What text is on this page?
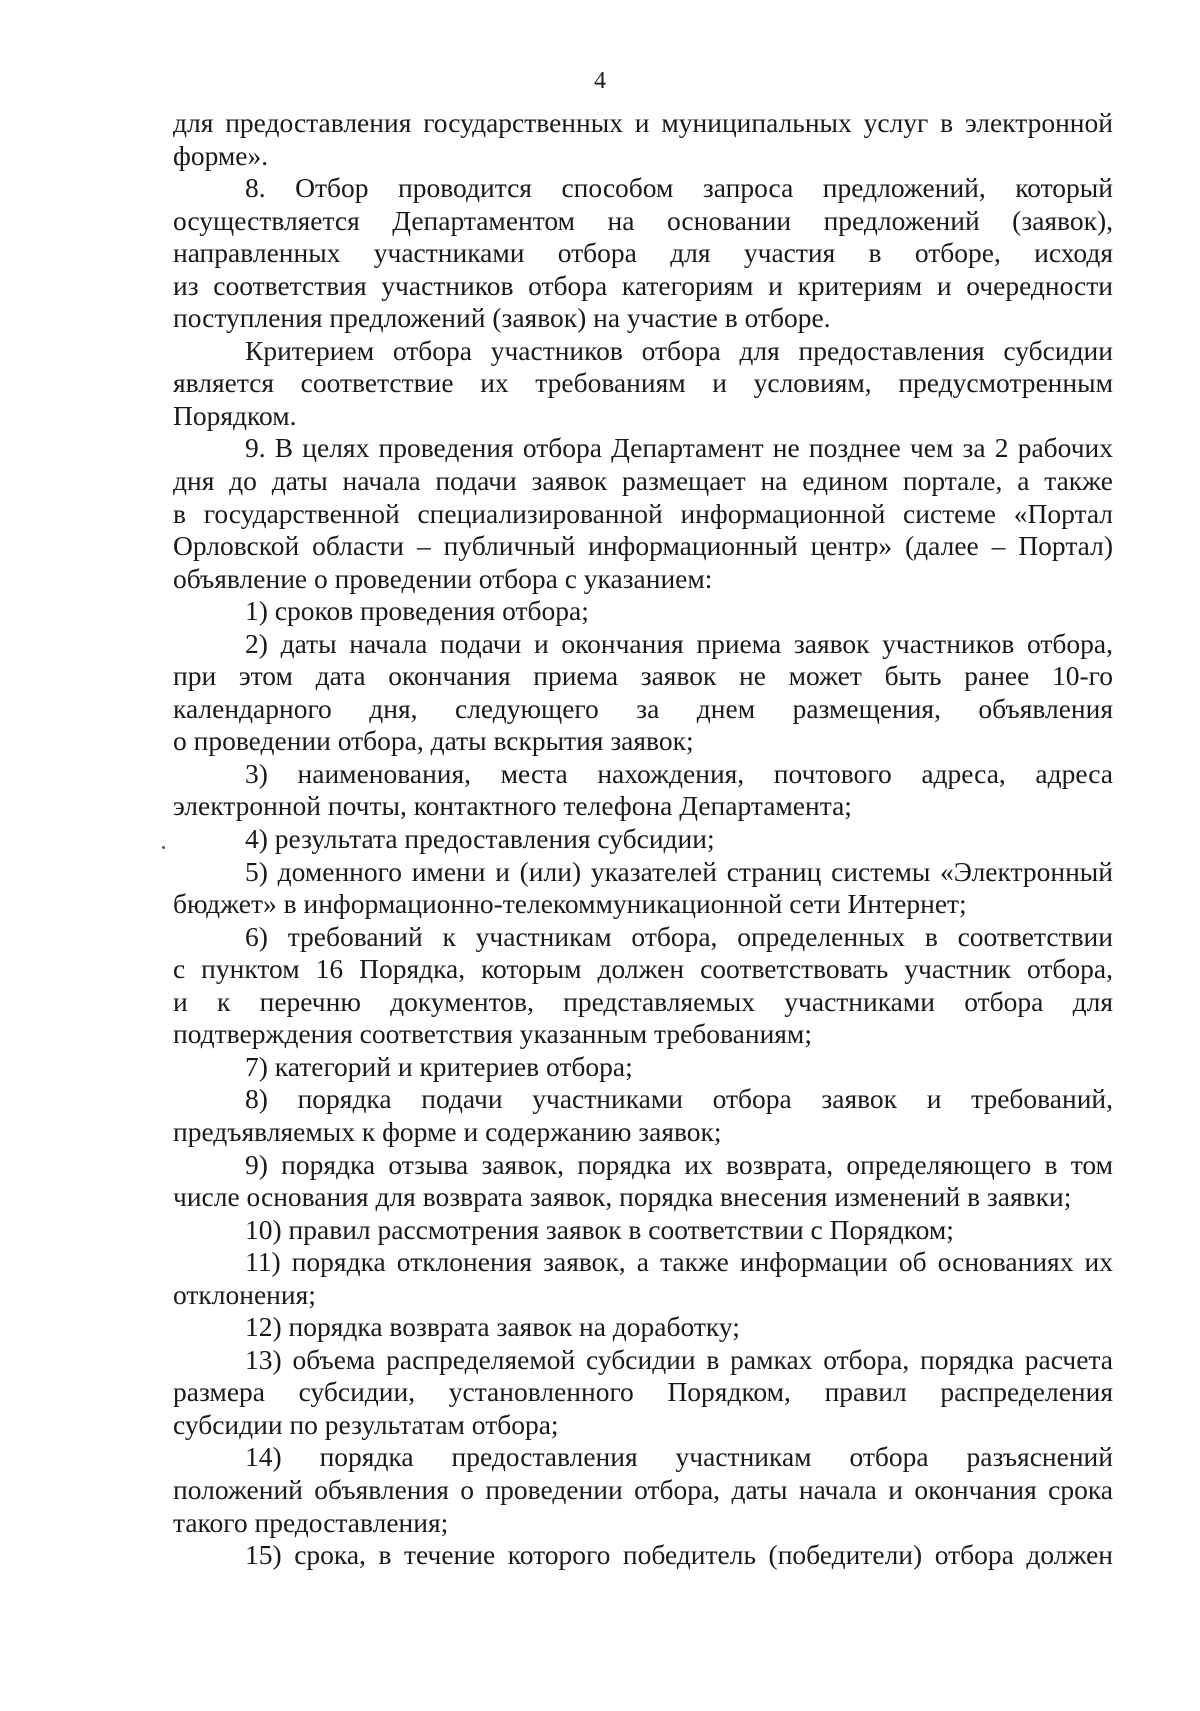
4

для предоставления государственных и муниципальных услуг в электронной

форме».

8. Отбор проводится способом запроса предложений, который

осуществляется Департаментом на основании предложений (заявок),

направленных участниками отбора для участия в отборе, исходя

из соответствия участников отбора категориям и критериям и очередности

поступления предложений (заявок) на участие в отборе.

Критерием отбора участников отбора для предоставления субсидии

является соответствие их требованиям и условиям, предусмотренным

Порядком.

9. В целях проведения отбора Департамент не позднее чем за 2 рабочих

дня до даты начала подачи заявок размещает на едином портале, а также

в государственной специализированной информационной системе «Портал

Орловской области – публичный информационный центр» (далее – Портал)

объявление о проведении отбора с указанием:

1) сроков проведения отбора;

2) даты начала подачи и окончания приема заявок участников отбора,

при этом дата окончания приема заявок не может быть ранее 10-го

календарного дня, следующего за днем размещения, объявления

о проведении отбора, даты вскрытия заявок;

3) наименования, места нахождения, почтового адреса, адреса

электронной почты, контактного телефона Департамента;

4) результата предоставления субсидии;

5) доменного имени и (или) указателей страниц системы «Электронный

бюджет» в информационно-телекоммуникационной сети Интернет;

6) требований к участникам отбора, определенных в соответствии

с пунктом 16 Порядка, которым должен соответствовать участник отбора,

и к перечню документов, представляемых участниками отбора для

подтверждения соответствия указанным требованиям;

7) категорий и критериев отбора;

8) порядка подачи участниками отбора заявок и требований,

предъявляемых к форме и содержанию заявок;

9) порядка отзыва заявок, порядка их возврата, определяющего в том

числе основания для возврата заявок, порядка внесения изменений в заявки;

10) правил рассмотрения заявок в соответствии с Порядком;

11) порядка отклонения заявок, а также информации об основаниях их

отклонения;

12) порядка возврата заявок на доработку;

13) объема распределяемой субсидии в рамках отбора, порядка расчета

размера субсидии, установленного Порядком, правил распределения

субсидии по результатам отбора;

14) порядка предоставления участникам отбора разъяснений

положений объявления о проведении отбора, даты начала и окончания срока

такого предоставления;

15) срока, в течение которого победитель (победители) отбора должен
